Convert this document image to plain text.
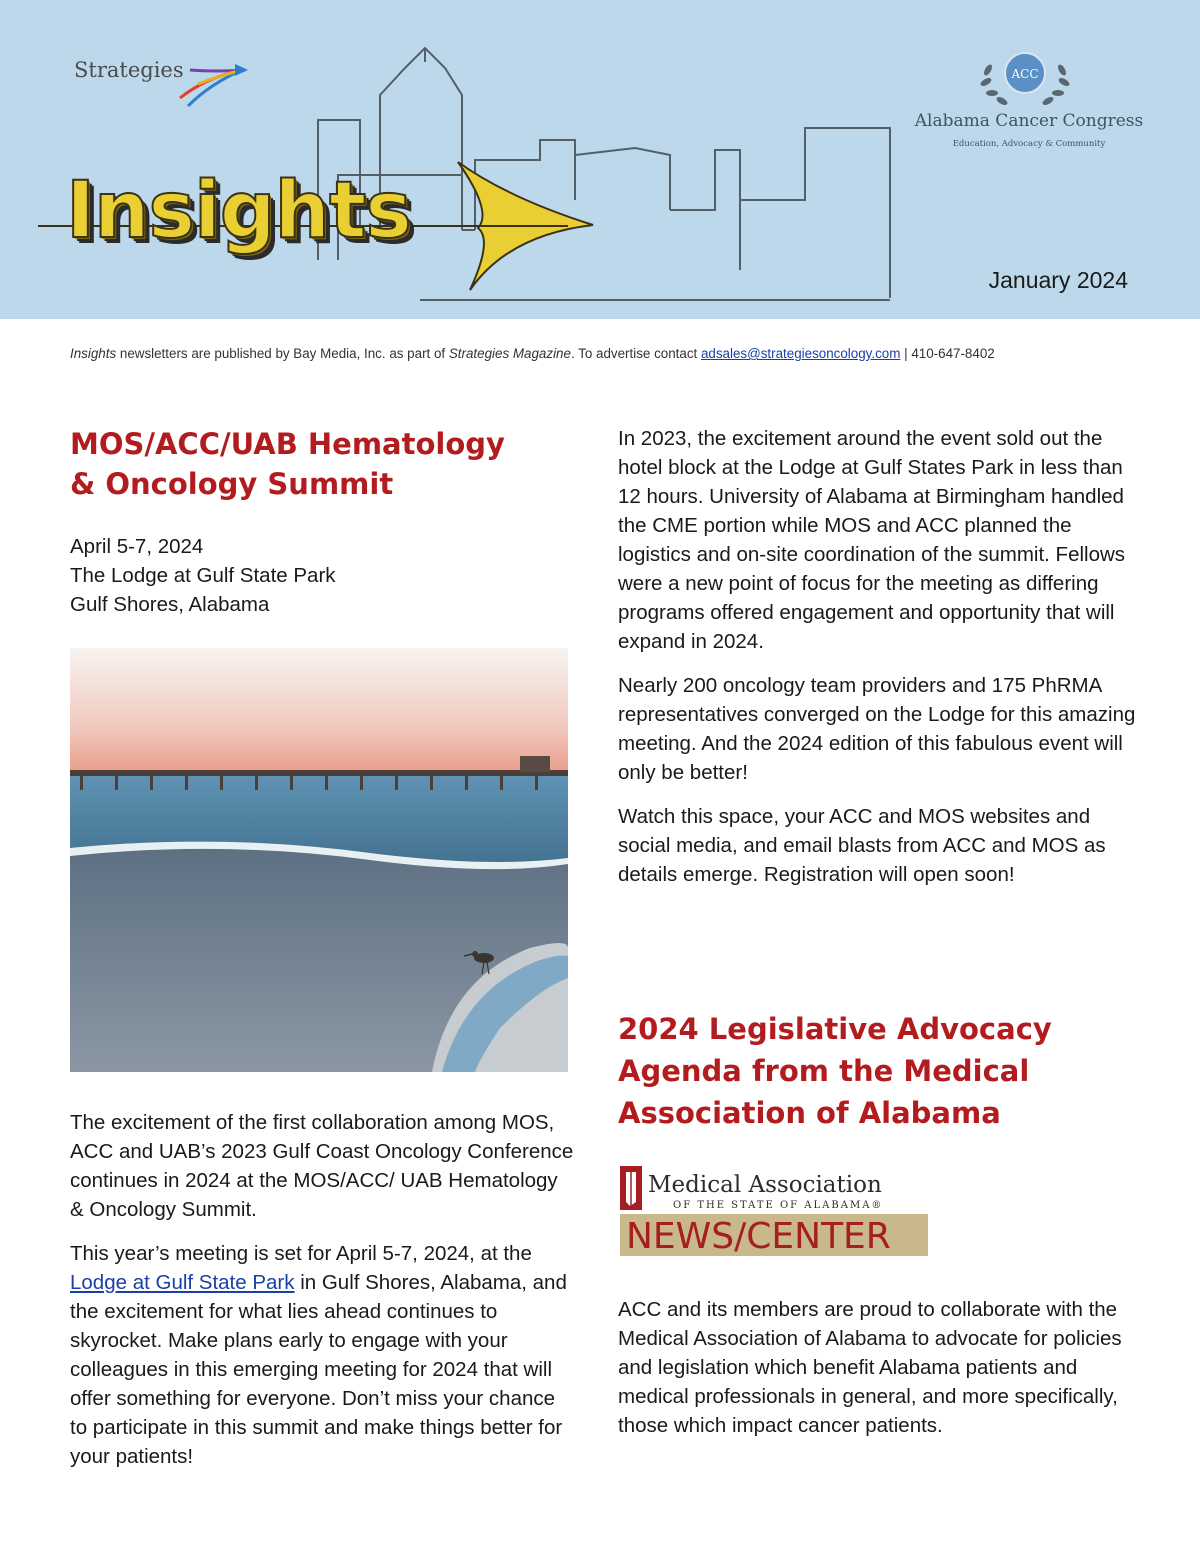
Strategies	ACC
Alabama Cancer Congress
Education, Advocacy & Community
Insights
January 2024
Insights newsletters are published by Bay Media, Inc. as part of Strategies Magazine. To advertise contact adsales@strategiesoncology.com | 410-647-8402
MOS/ACC/UAB Hematology
& Oncology Summit

April 5-7, 2024

The Lodge at Gulf State Park

Gulf Shores, Alabama

The excitement of the first collaboration among MOS, ACC and UAB’s 2023 Gulf Coast Oncology Conference continues in 2024 at the MOS/ACC/ UAB Hematology & Oncology Summit.

This year’s meeting is set for April 5-7, 2024, at the Lodge at Gulf State Park in Gulf Shores, Alabama, and the excitement for what lies ahead continues to skyrocket. Make plans early to engage with your colleagues in this emerging meeting for 2024 that will offer something for everyone. Don’t miss your chance to participate in this summit and make things better for your patients!

In 2023, the excitement around the event sold out the hotel block at the Lodge at Gulf States Park in less than 12 hours. University of Alabama at Birmingham handled the CME portion while MOS and ACC planned the logistics and on-site coordination of the summit. Fellows were a new point of focus for the meeting as differing programs offered engagement and opportunity that will expand in 2024.

Nearly 200 oncology team providers and 175 PhRMA representatives converged on the Lodge for this amazing meeting. And the 2024 edition of this fabulous event will only be better!

Watch this space, your ACC and MOS websites and social media, and email blasts from ACC and MOS as details emerge. Registration will open soon!

2024 Legislative Advocacy
Agenda from the Medical
Association of Alabama
Medical Association
OF THE STATE OF ALABAMA®
NEWS/CENTER

ACC and its members are proud to collaborate with the Medical Association of Alabama to advocate for policies and legislation which benefit Alabama patients and medical professionals in general, and more specifically, those which impact cancer patients.
